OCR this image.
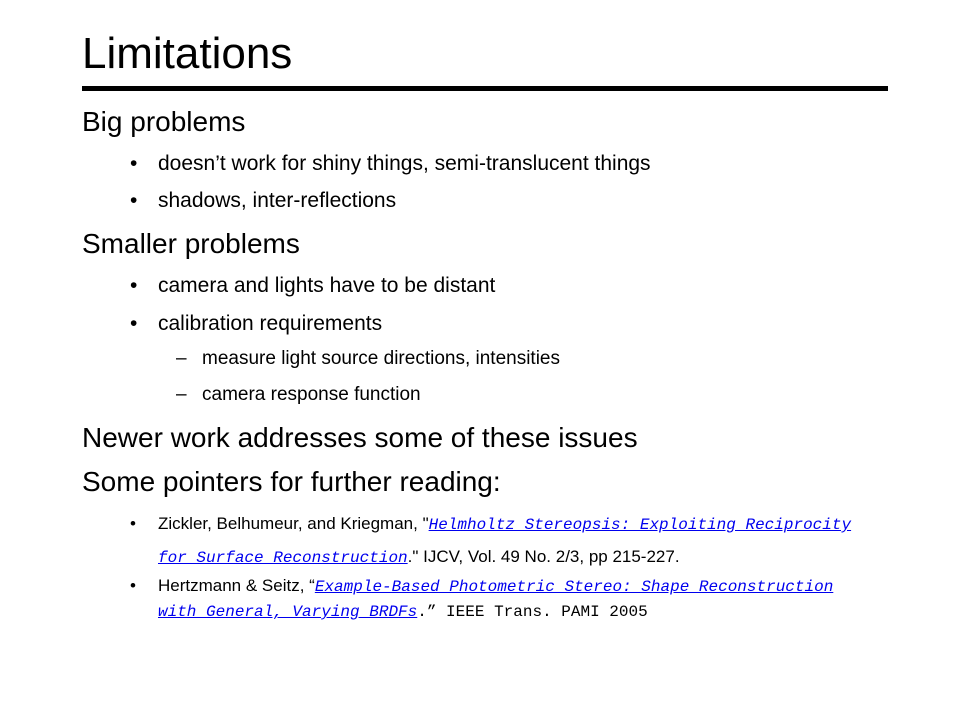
Limitations
Big problems
• doesn’t work for shiny things, semi-translucent things
• shadows, inter-reflections
Smaller problems
• camera and lights have to be distant
• calibration requirements
– measure light source directions, intensities
– camera response function
Newer work addresses some of these issues
Some pointers for further reading:
• Zickler, Belhumeur, and Kriegman, "Helmholtz Stereopsis: Exploiting Reciprocity for Surface Reconstruction." IJCV, Vol. 49 No. 2/3, pp 215-227.
• Hertzmann & Seitz, “Example-Based Photometric Stereo: Shape Reconstruction with General, Varying BRDFs.” IEEE Trans. PAMI 2005
